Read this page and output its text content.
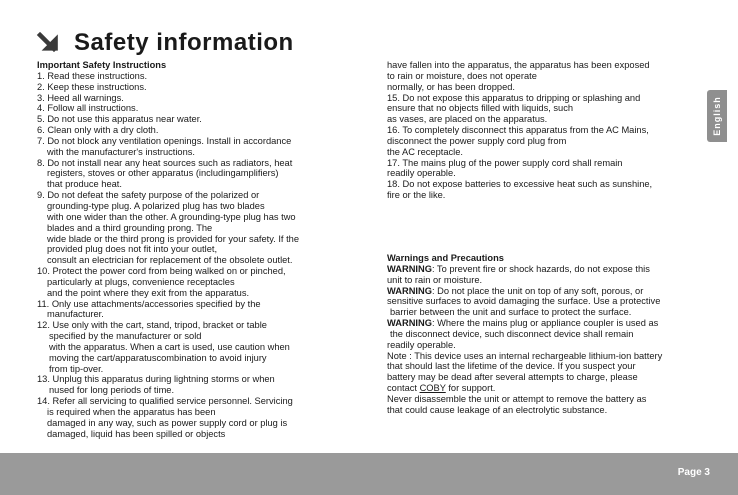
Safety information

Important Safety Instructions

1. Read these instructions.

2. Keep these instructions.

3. Heed all warnings.

4. Follow all instructions.

5. Do not use this apparatus near water.

6. Clean only with a dry cloth.

7. Do not block any ventilation openings. Install in accordance

with the manufacturer's instructions.

8. Do not install near any heat sources such as radiators, heat

registers, stoves or other apparatus (includingamplifiers)

that produce heat.

9. Do not defeat the safety purpose of the polarized or

grounding-type plug. A polarized plug has two blades

with one wider than the other. A grounding-type plug has two

blades and a third grounding prong. The

wide blade or the third prong is provided for your safety. If the

provided plug does not fit into your outlet,

consult an electrician for replacement of the obsolete outlet.

10. Protect the power cord from being walked on or pinched,

particularly at plugs, convenience receptacles

and the point where they exit from the apparatus.

11. Only use attachments/accessories specified by the

manufacturer.

12. Use only with the cart, stand, tripod, bracket or table

specified by the manufacturer or sold

with the apparatus. When a cart is used, use caution when

moving the cart/apparatuscombination to avoid injury

from tip-over.

13. Unplug this apparatus during lightning storms or when

nused for long periods of time.

14. Refer all servicing to qualified service personnel. Servicing

is required when the apparatus has been

damaged in any way, such as power supply cord or plug is

damaged, liquid has been spilled or objects

have fallen into the apparatus, the apparatus has been exposed

to rain or moisture, does not operate

normally, or has been dropped.

15. Do not expose this apparatus to dripping or splashing and

ensure that no objects filled with liquids, such

as vases, are placed on the apparatus.

16. To completely disconnect this apparatus from the AC Mains,

disconnect the power supply cord plug from

the AC receptacle.

17. The mains plug of the power supply cord shall remain

readily operable.

18. Do not expose batteries to excessive heat such as sunshine,

fire or the like.

Warnings and Precautions

WARNING: To prevent fire or shock hazards, do not expose this

unit to rain or moisture.

WARNING: Do not place the unit on top of any soft, porous, or

sensitive surfaces to avoid damaging the surface. Use a protective

barrier between the unit and surface to protect the surface.

WARNING: Where the mains plug or appliance coupler is used as

the disconnect device, such disconnect device shall remain

readily operable.

Note : This device uses an internal rechargeable lithium-ion battery

that should last the lifetime of the device. If you suspect your

battery may be dead after several attempts to charge, please

contact COBY for support.

Never disassemble the unit or attempt to remove the battery as

that could cause leakage of an electrolytic substance.

English
Page 3
